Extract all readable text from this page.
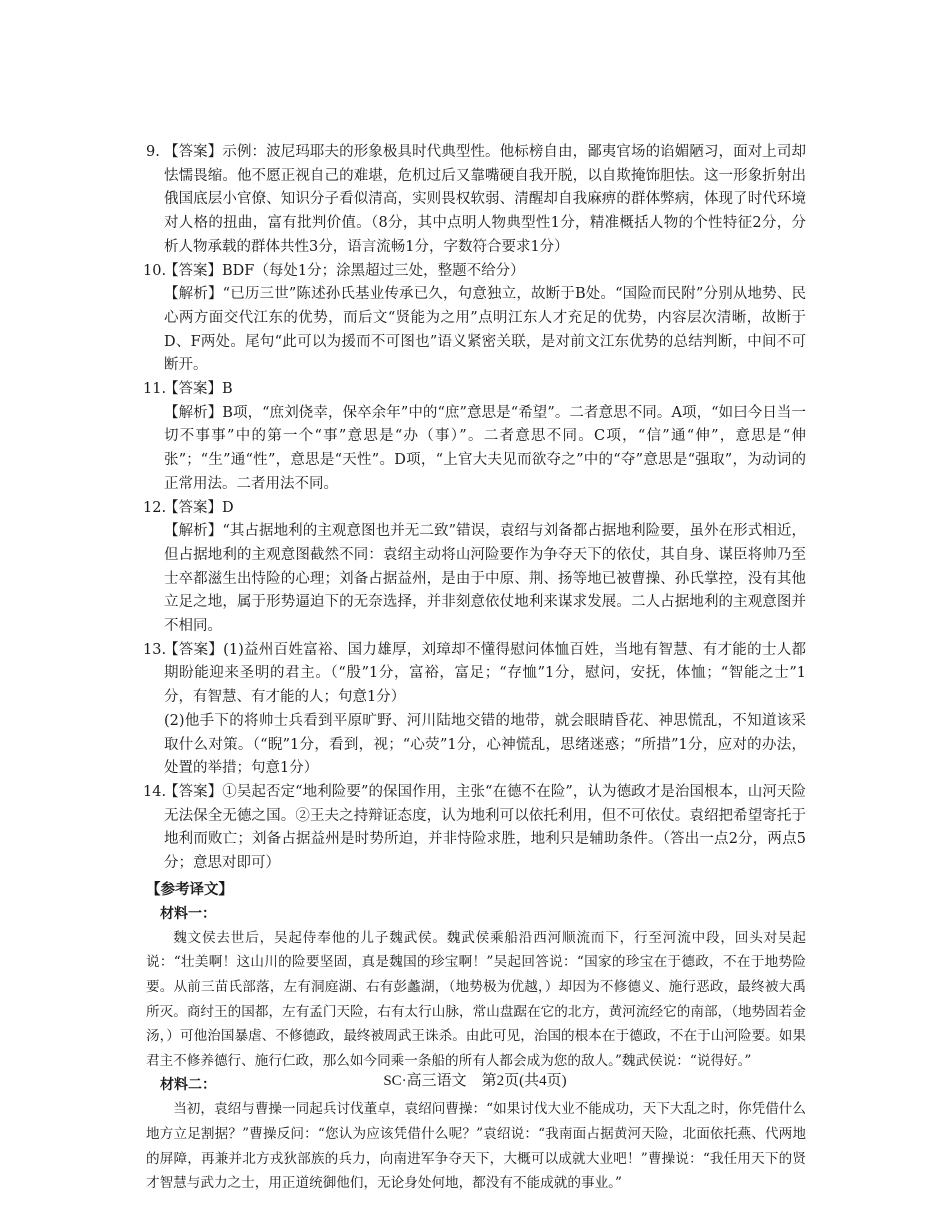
9. 【答案】示例：波尼玛耶夫的形象极具时代典型性。他标榜自由，鄙夷官场的谄媚陋习，面对上司却怯懦畏缩。他不愿正视自己的难堪，危机过后又靠嘴硬自我开脱，以自欺掩饰胆怯。这一形象折射出俄国底层小官僚、知识分子看似清高，实则畏权软弱、清醒却自我麻痹的群体弊病，体现了时代环境对人格的扭曲，富有批判价值。（8分，其中点明人物典型性1分，精准概括人物的个性特征2分，分析人物承载的群体共性3分，语言流畅1分，字数符合要求1分）
10.
【答案】BDF（每处1分；涂黑超过三处，整题不给分）
【解析】“已历三世”陈述孙氏基业传承已久，句意独立，故断于B处。“国险而民附”分别从地势、民心两方面交代江东的优势，而后文“贤能为之用”点明江东人才充足的优势，内容层次清晰，故断于D、F两处。尾句“此可以为援而不可图也”语义紧密关联，是对前文江东优势的总结判断，中间不可断开。
11.
【答案】B
【解析】B项，“庶刘侥幸，保卒余年”中的“庶”意思是“希望”。二者意思不同。A项，“如曰今日当一切不事事”中的第一个“事”意思是“办（事）”。二者意思不同。C项，“信”通“伸”，意思是“伸张”；“生”通“性”，意思是“天性”。D项，“上官大夫见而欲夺之”中的“夺”意思是“强取”，为动词的正常用法。二者用法不同。
12.
【答案】D
【解析】“其占据地利的主观意图也并无二致”错误，袁绍与刘备都占据地利险要，虽外在形式相近，但占据地利的主观意图截然不同：袁绍主动将山河险要作为争夺天下的依仗，其自身、谋臣将帅乃至士卒都滋生出恃险的心理；刘备占据益州，是由于中原、荆、扬等地已被曹操、孙氏掌控，没有其他立足之地，属于形势逼迫下的无奈选择，并非刻意依仗地利来谋求发展。二人占据地利的主观意图并不相同。
13.
【答案】(1)益州百姓富裕、国力雄厚，刘璋却不懂得慰问体恤百姓，当地有智慧、有才能的士人都期盼能迎来圣明的君主。（“殷”1分，富裕，富足；“存恤”1分，慰问，安抚，体恤；“智能之士”1分，有智慧、有才能的人；句意1分）
(2)他手下的将帅士兵看到平原旷野、河川陆地交错的地带，就会眼睛昏花、神思慌乱，不知道该采取什么对策。（“睨”1分，看到，视；“心荧”1分，心神慌乱，思绪迷惑；“所措”1分，应对的办法，处置的举措；句意1分）
14.
【答案】①吴起否定“地利险要”的保国作用，主张“在德不在险”，认为德政才是治国根本，山河天险无法保全无德之国。②王夫之持辩证态度，认为地利可以依托利用，但不可依仗。袁绍把希望寄托于地利而败亡；刘备占据益州是时势所迫，并非恃险求胜，地利只是辅助条件。（答出一点2分，两点5分；意思对即可）
【参考译文】
材料一：

魏文侯去世后，吴起侍奉他的儿子魏武侯。魏武侯乘船沿西河顺流而下，行至河流中段，回头对吴起说：“壮美啊！这山川的险要坚固，真是魏国的珍宝啊！”吴起回答说：“国家的珍宝在于德政，不在于地势险要。从前三苗氏部落，左有洞庭湖、右有彭蠡湖，（地势极为优越，）却因为不修德义、施行恶政，最终被大禹所灭。商纣王的国都，左有孟门天险，右有太行山脉，常山盘踞在它的北方，黄河流经它的南部，（地势固若金汤，）可他治国暴虐、不修德政，最终被周武王诛杀。由此可见，治国的根本在于德政，不在于山河险要。如果君主不修养德行、施行仁政，那么如今同乘一条船的所有人都会成为您的敌人。”魏武侯说：“说得好。”

材料二：

当初，袁绍与曹操一同起兵讨伐董卓，袁绍问曹操：“如果讨伐大业不能成功，天下大乱之时，你凭借什么地方立足割据？”曹操反问：“您认为应该凭借什么呢？”袁绍说：“我南面占据黄河天险，北面依托燕、代两地的屏障，再兼并北方戎狄部族的兵力，向南进军争夺天下，大概可以成就大业吧！”曹操说：“我任用天下的贤才智慧与武力之士，用正道统御他们，无论身处何地，都没有不能成就的事业。”

SC·高三语文　第2页(共4页)
